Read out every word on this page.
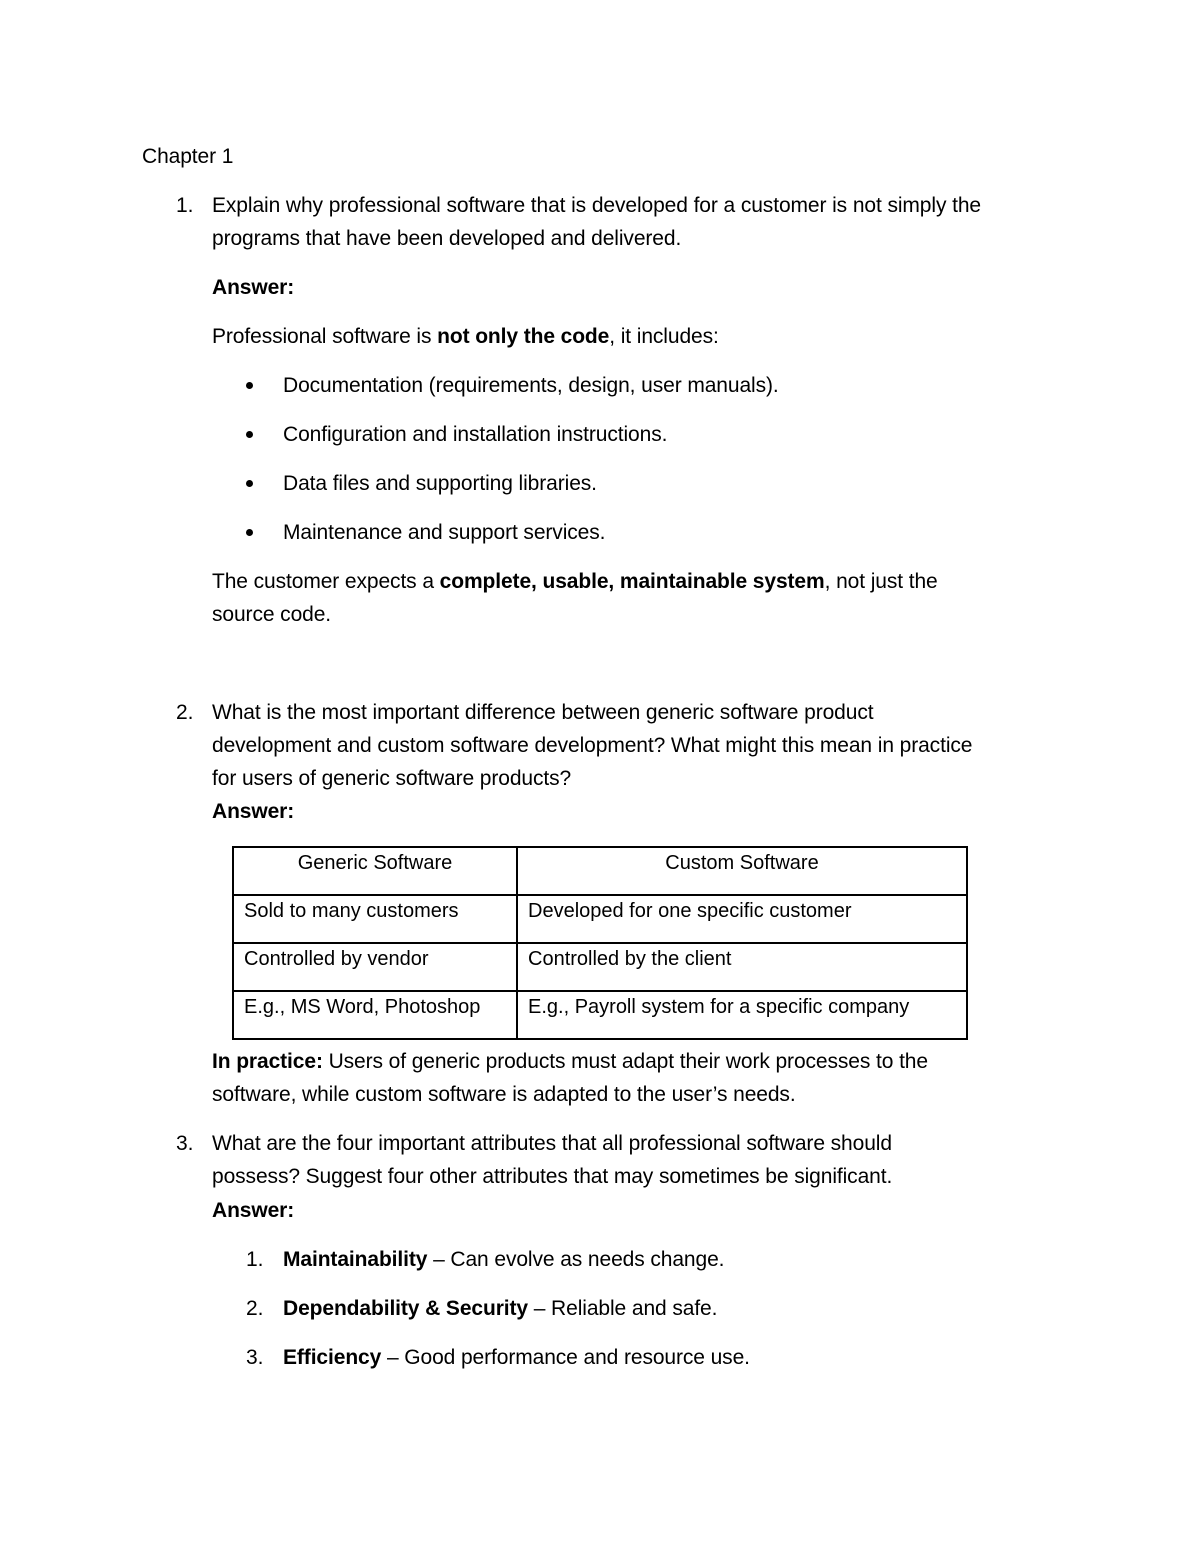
Chapter 1
1. Explain why professional software that is developed for a customer is not simply the
programs that have been developed and delivered.
Answer:
Professional software is not only the code, it includes:
Documentation (requirements, design, user manuals).
Configuration and installation instructions.
Data files and supporting libraries.
Maintenance and support services.
The customer expects a complete, usable, maintainable system, not just the
source code.
2. What is the most important difference between generic software product
development and custom software development? What might this mean in practice
for users of generic software products?
Answer:
Generic Software	Custom Software
Sold to many customers	Developed for one specific customer
Controlled by vendor	Controlled by the client
E.g., MS Word, Photoshop	E.g., Payroll system for a specific company
In practice: Users of generic products must adapt their work processes to the
software, while custom software is adapted to the user’s needs.
3. What are the four important attributes that all professional software should
possess? Suggest four other attributes that may sometimes be significant.
Answer:
1. Maintainability – Can evolve as needs change.
2. Dependability & Security – Reliable and safe.
3. Efficiency – Good performance and resource use.
